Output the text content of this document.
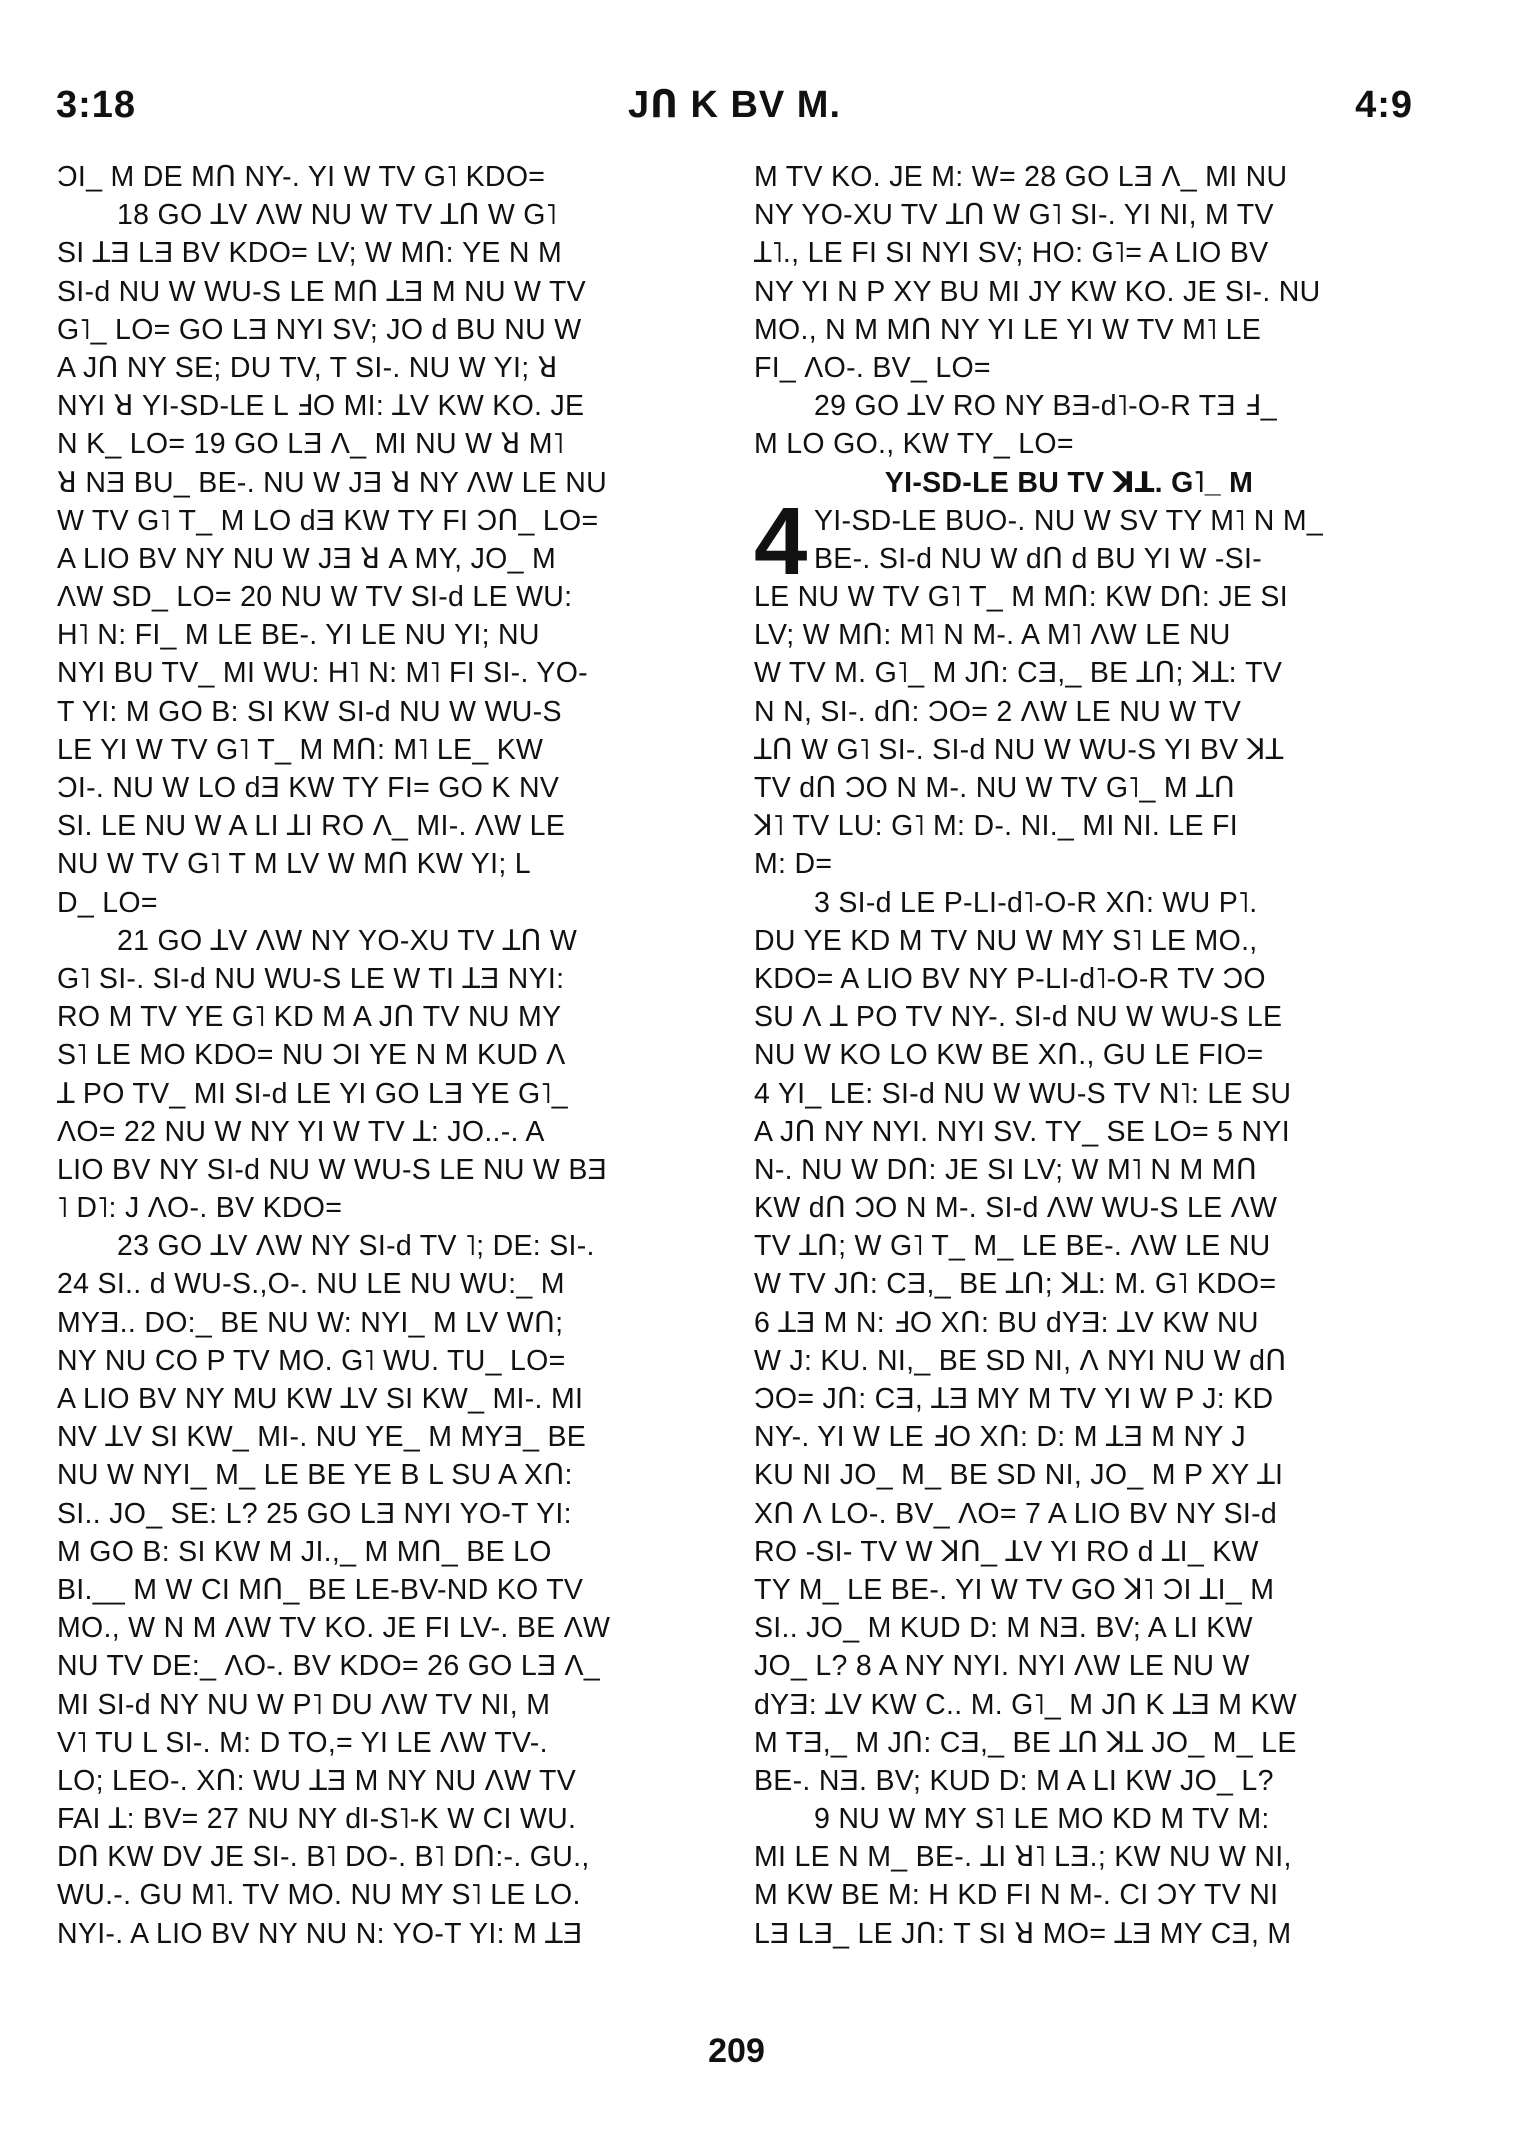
3:18	JՈ K BV M.	4:9
ƆI_ M DE MՈ NY-. YI W TV G˥ KDO=
18 GO ꓕV ɅW NU W TV ꓕՈ W G˥
SI ꓕƎ LƎ BV KDO= LV; W MՈ: YE N M
SI-d NU W WU-S LE MՈ ꓕƎ M NU W TV
G˥_ LO= GO LƎ NYI SV; JO d BU NU W
A JՈ NY SE; DU TV, T SI-. NU W YI; ꓤ
NYI ꓤ YI-SD-LE L ꓞO MI: ꓕV KW KO. JE
N K_ LO= 19 GO LƎ Ʌ_ MI NU W ꓤ M˥
ꓤ NƎ BU_ BE-. NU W JƎ ꓤ NY ɅW LE NU
W TV G˥ T_ M LO dƎ KW TY FI ƆՈ_ LO=
A LIO BV NY NU W JƎ ꓤ A MY, JO_ M
ɅW SD_ LO= 20 NU W TV SI-d LE WU:
H˥ N: FI_ M LE BE-. YI LE NU YI; NU
NYI BU TV_ MI WU: H˥ N: M˥ FI SI-. YO-
T YI: M GO B: SI KW SI-d NU W WU-S
LE YI W TV G˥ T_ M MՈ: M˥ LE_ KW
ƆI-. NU W LO dƎ KW TY FI= GO K NV
SI. LE NU W A LI ꓕI RO Ʌ_ MI-. ɅW LE
NU W TV G˥ T M LV W MՈ KW YI; L
D_ LO=
21 GO ꓕV ɅW NY YO-XU TV ꓕՈ W
G˥ SI-. SI-d NU WU-S LE W TI ꓕƎ NYI:
RO M TV YE G˥ KD M A JՈ TV NU MY
S˥ LE MO KDO= NU ƆI YE N M KUD Ʌ
ꓕ PO TV_ MI SI-d LE YI GO LƎ YE G˥_
ɅO= 22 NU W NY YI W TV ꓕ: JO..-. A
LIO BV NY SI-d NU W WU-S LE NU W BƎ
˥ D˥: J ɅO-. BV KDO=
23 GO ꓕV ɅW NY SI-d TV ˥; DE: SI-.
24 SI.. d WU-S.,O-. NU LE NU WU:_ M
MYƎ.. DO:_ BE NU W: NYI_ M LV WՈ;
NY NU CO P TV MO. G˥ WU. TU_ LO=
A LIO BV NY MU KW ꓕV SI KW_ MI-. MI
NV ꓕV SI KW_ MI-. NU YE_ M MYƎ_ BE
NU W NYI_ M_ LE BE YE B L SU A XՈ:
SI.. JO_ SE: L? 25 GO LƎ NYI YO-T YI:
M GO B: SI KW M JI.,_ M MՈ_ BE LO
BI.__ M W CI MՈ_ BE LE-BV-ND KO TV
MO., W N M ɅW TV KO. JE FI LV-. BE ɅW
NU TV DE:_ ɅO-. BV KDO= 26 GO LƎ Ʌ_
MI SI-d NY NU W P˥ DU ɅW TV NI, M
V˥ TU L SI-. M: D TO,= YI LE ɅW TV-.
LO; LEO-. XՈ: WU ꓕƎ M NY NU ɅW TV
FAI ꓕ: BV= 27 NU NY dI-S˥-K W CI WU.
DՈ KW DV JE SI-. B˥ DO-. B˥ DՈ:-. GU.,
WU.-. GU M˥. TV MO. NU MY S˥ LE LO.
NYI-. A LIO BV NY NU N: YO-T YI: M ꓕƎ
M TV KO. JE M: W= 28 GO LƎ Ʌ_ MI NU
NY YO-XU TV ꓕՈ W G˥ SI-. YI NI, M TV
ꓕ˥., LE FI SI NYI SV; HO: G˥= A LIO BV
NY YI N P XY BU MI JY KW KO. JE SI-. NU
MO., N M MՈ NY YI LE YI W TV M˥ LE
FI_ ɅO-. BV_ LO=
29 GO ꓕV RO NY BƎ-d˥-O-R TƎ ꓞ_
M LO GO., KW TY_ LO=
YI-SD-LE BU TV ꓘꓕ. G˥_ M
YI-SD-LE BUO-. NU W SV TY M˥ N M_
BE-. SI-d NU W dՈ d BU YI W -SI-
LE NU W TV G˥ T_ M MՈ: KW DՈ: JE SI
LV; W MՈ: M˥ N M-. A M˥ ɅW LE NU
W TV M. G˥_ M JՈ: CƎ,_ BE ꓕՈ; ꓘꓕ: TV
N N, SI-. dՈ: ƆO= 2 ɅW LE NU W TV
ꓕՈ W G˥ SI-. SI-d NU W WU-S YI BV ꓘꓕ
TV dՈ ƆO N M-. NU W TV G˥_ M ꓕՈ
ꓘ˥ TV LU: G˥ M: D-. NI._ MI NI. LE FI
M: D=
3 SI-d LE P-LI-d˥-O-R XՈ: WU P˥.
DU YE KD M TV NU W MY S˥ LE MO.,
KDO= A LIO BV NY P-LI-d˥-O-R TV ƆO
SU Ʌ ꓕ PO TV NY-. SI-d NU W WU-S LE
NU W KO LO KW BE XՈ., GU LE FIO=
4 YI_ LE: SI-d NU W WU-S TV N˥: LE SU
A JՈ NY NYI. NYI SV. TY_ SE LO= 5 NYI
N-. NU W DՈ: JE SI LV; W M˥ N M MՈ
KW dՈ ƆO N M-. SI-d ɅW WU-S LE ɅW
TV ꓕՈ; W G˥ T_ M_ LE BE-. ɅW LE NU
W TV JՈ: CƎ,_ BE ꓕՈ; ꓘꓕ: M. G˥ KDO=
6 ꓕƎ M N: ꓞO XՈ: BU dYƎ: ꓕV KW NU
W J: KU. NI,_ BE SD NI, Ʌ NYI NU W dՈ
ƆO= JՈ: CƎ, ꓕƎ MY M TV YI W P J: KD
NY-. YI W LE ꓞO XՈ: D: M ꓕƎ M NY J
KU NI JO_ M_ BE SD NI, JO_ M P XY ꓕI
XՈ Ʌ LO-. BV_ ɅO= 7 A LIO BV NY SI-d
RO -SI- TV W ꓘՈ_ ꓕV YI RO d ꓕI_ KW
TY M_ LE BE-. YI W TV GO ꓘ˥ ƆI ꓕI_ M
SI.. JO_ M KUD D: M NƎ. BV; A LI KW
JO_ L? 8 A NY NYI. NYI ɅW LE NU W
dYƎ: ꓕV KW C.. M. G˥_ M JՈ K ꓕƎ M KW
M TƎ,_ M JՈ: CƎ,_ BE ꓕՈ ꓘꓕ JO_ M_ LE
BE-. NƎ. BV; KUD D: M A LI KW JO_ L?
9 NU W MY S˥ LE MO KD M TV M:
MI LE N M_ BE-. ꓕI ꓤ˥ LƎ.; KW NU W NI,
M KW BE M: H KD FI N M-. CI ƆY TV NI
LƎ LƎ_ LE JՈ: T SI ꓤ MO= ꓕƎ MY CƎ, M
4
209
